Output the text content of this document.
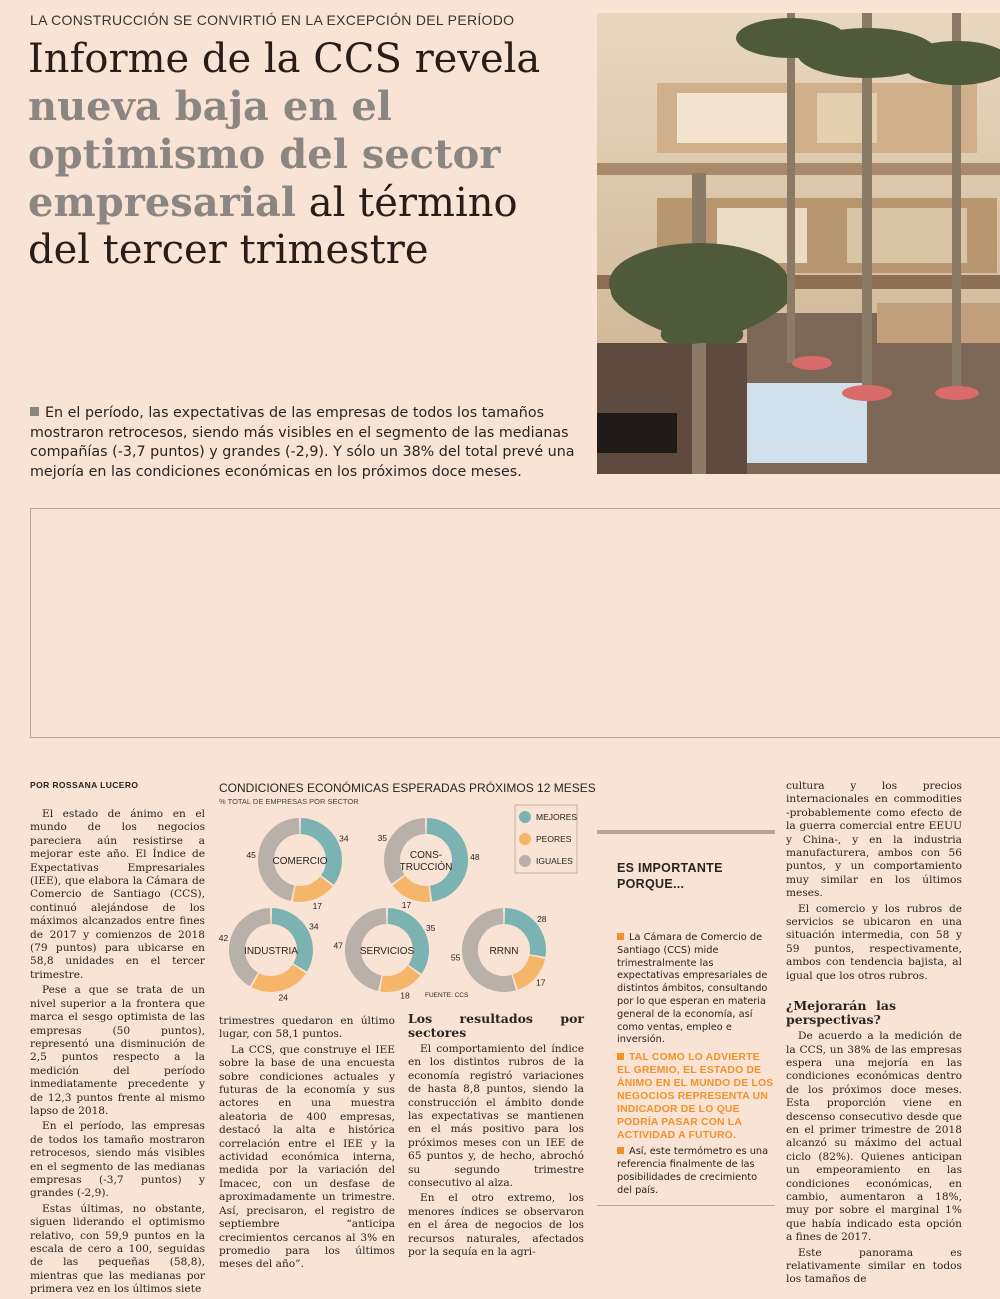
LA CONSTRUCCIÓN SE CONVIRTIÓ EN LA EXCEPCIÓN DEL PERÍODO
Informe de la CCS revela nueva baja en el optimismo del sector empresarial al término del tercer trimestre
En el período, las expectativas de las empresas de todos los tamaños mostraron retrocesos, siendo más visibles en el segmento de las medianas compañías (-3,7 puntos) y grandes (-2,9). Y sólo un 38% del total prevé una mejoría en las condiciones económicas en los próximos doce meses.
POR ROSSANA LUCERO

El estado de ánimo en el mundo de los negocios pareciera aún resistirse a mejorar este año. El Índice de Expectativas Empresariales (IEE), que elabora la Cámara de Comercio de Santiago (CCS), continuó alejándose de los máximos alcanzados entre fines de 2017 y comienzos de 2018 (79 puntos) para ubicarse en 58,8 unidades en el tercer trimestre.

Pese a que se trata de un nivel superior a la frontera que marca el sesgo optimista de las empresas (50 puntos), representó una disminución de 2,5 puntos respecto a la medición del período inmediatamente precedente y de 12,3 puntos frente al mismo lapso de 2018.

En el período, las empresas de todos los tamaño mostraron retrocesos, siendo más visibles en el segmento de las medianas empresas (-3,7 puntos) y grandes (-2,9).

Estas últimas, no obstante, siguen liderando el optimismo relativo, con 59,9 puntos en la escala de cero a 100, seguidas de las pequeñas (58,8), mientras que las medianas por primera vez en los últimos siete

CONDICIONES ECONÓMICAS ESPERADAS PRÓXIMOS 12 MESES
% TOTAL DE EMPRESAS POR SECTOR
34
17
45
COMERCIO	48
17
35
CONS-
TRUCCIÓN
34
24
42
INDUSTRIA
35
18
47
SERVICIOS
28
17
55
RRNN
MEJORES
PEORES
IGUALES
FUENTE: CCS

trimestres quedaron en último lugar, con 58,1 puntos.

La CCS, que construye el IEE sobre la base de una encuesta sobre condiciones actuales y futuras de la economía y sus actores en una muestra aleatoria de 400 empresas, destacó la alta e histórica correlación entre el IEE y la actividad económica interna, medida por la variación del Imacec, con un desfase de aproximadamente un trimestre. Así, precisaron, el registro de septiembre “anticipa crecimientos cercanos al 3% en promedio para los últimos meses del año”.

Los resultados por sectores

El comportamiento del índice en los distintos rubros de la economía registró variaciones de hasta 8,8 puntos, siendo la construcción el ámbito donde las expectativas se mantienen en el más positivo para los próximos meses con un IEE de 65 puntos y, de hecho, abrochó su segundo trimestre consecutivo al alza.

En el otro extremo, los menores índices se observaron en el área de negocios de los recursos naturales, afectados por la sequía en la agri-

ES IMPORTANTE PORQUE...
La Cámara de Comercio de Santiago (CCS) mide trimestralmente las expectativas empresariales de distintos ámbitos, consultando por lo que esperan en materia general de la economía, así como ventas, empleo e inversión.
TAL COMO LO ADVIERTE EL GREMIO, EL ESTADO DE ÁNIMO EN EL MUNDO DE LOS NEGOCIOS REPRESENTA UN INDICADOR DE LO QUE PODRÍA PASAR CON LA ACTIVIDAD A FUTURO.
Así, este termómetro es una referencia finalmente de las posibilidades de crecimiento del país.

cultura y los precios internacionales en commodities -probablemente como efecto de la guerra comercial entre EEUU y China-, y en la industria manufacturera, ambos con 56 puntos, y un comportamiento muy similar en los últimos meses.

El comercio y los rubros de servicios se ubicaron en una situación intermedia, con 58 y 59 puntos, respectivamente, ambos con tendencia bajista, al igual que los otros rubros.

¿Mejorarán las perspectivas?

De acuerdo a la medición de la CCS, un 38% de las empresas espera una mejoría en las condiciones económicas dentro de los próximos doce meses. Esta proporción viene en descenso consecutivo desde que en el primer trimestre de 2018 alcanzó su máximo del actual ciclo (82%). Quienes anticipan un empeoramiento en las condiciones económicas, en cambio, aumentaron a 18%, muy por sobre el marginal 1% que había indicado esta opción a fines de 2017.

Este panorama es relativamente similar en todos los tamaños de
